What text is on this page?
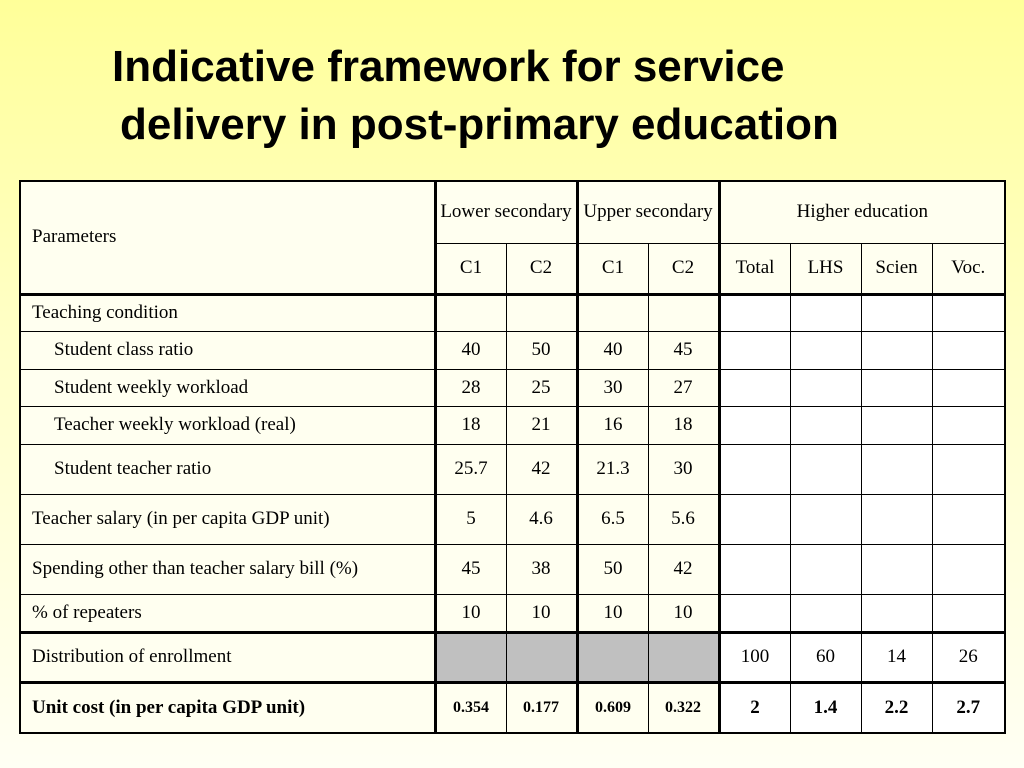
Indicative framework for service
delivery in post-primary education
Parameters	Lower secondary		Upper secondary		Higher education			
	C1	C2	C1	C2	Total	LHS	Scien	Voc.
Teaching condition								
Student class ratio	40	50	40	45				
Student weekly workload	28	25	30	27				
Teacher weekly workload (real)	18	21	16	18				
Student teacher ratio	25.7	42	21.3	30				
Teacher salary (in per capita GDP unit)	5	4.6	6.5	5.6				
Spending other than teacher salary bill (%)	45	38	50	42				
% of repeaters	10	10	10	10				
Distribution of enrollment					100	60	14	26
Unit cost (in per capita GDP unit)	0.354	0.177	0.609	0.322	2	1.4	2.2	2.7
